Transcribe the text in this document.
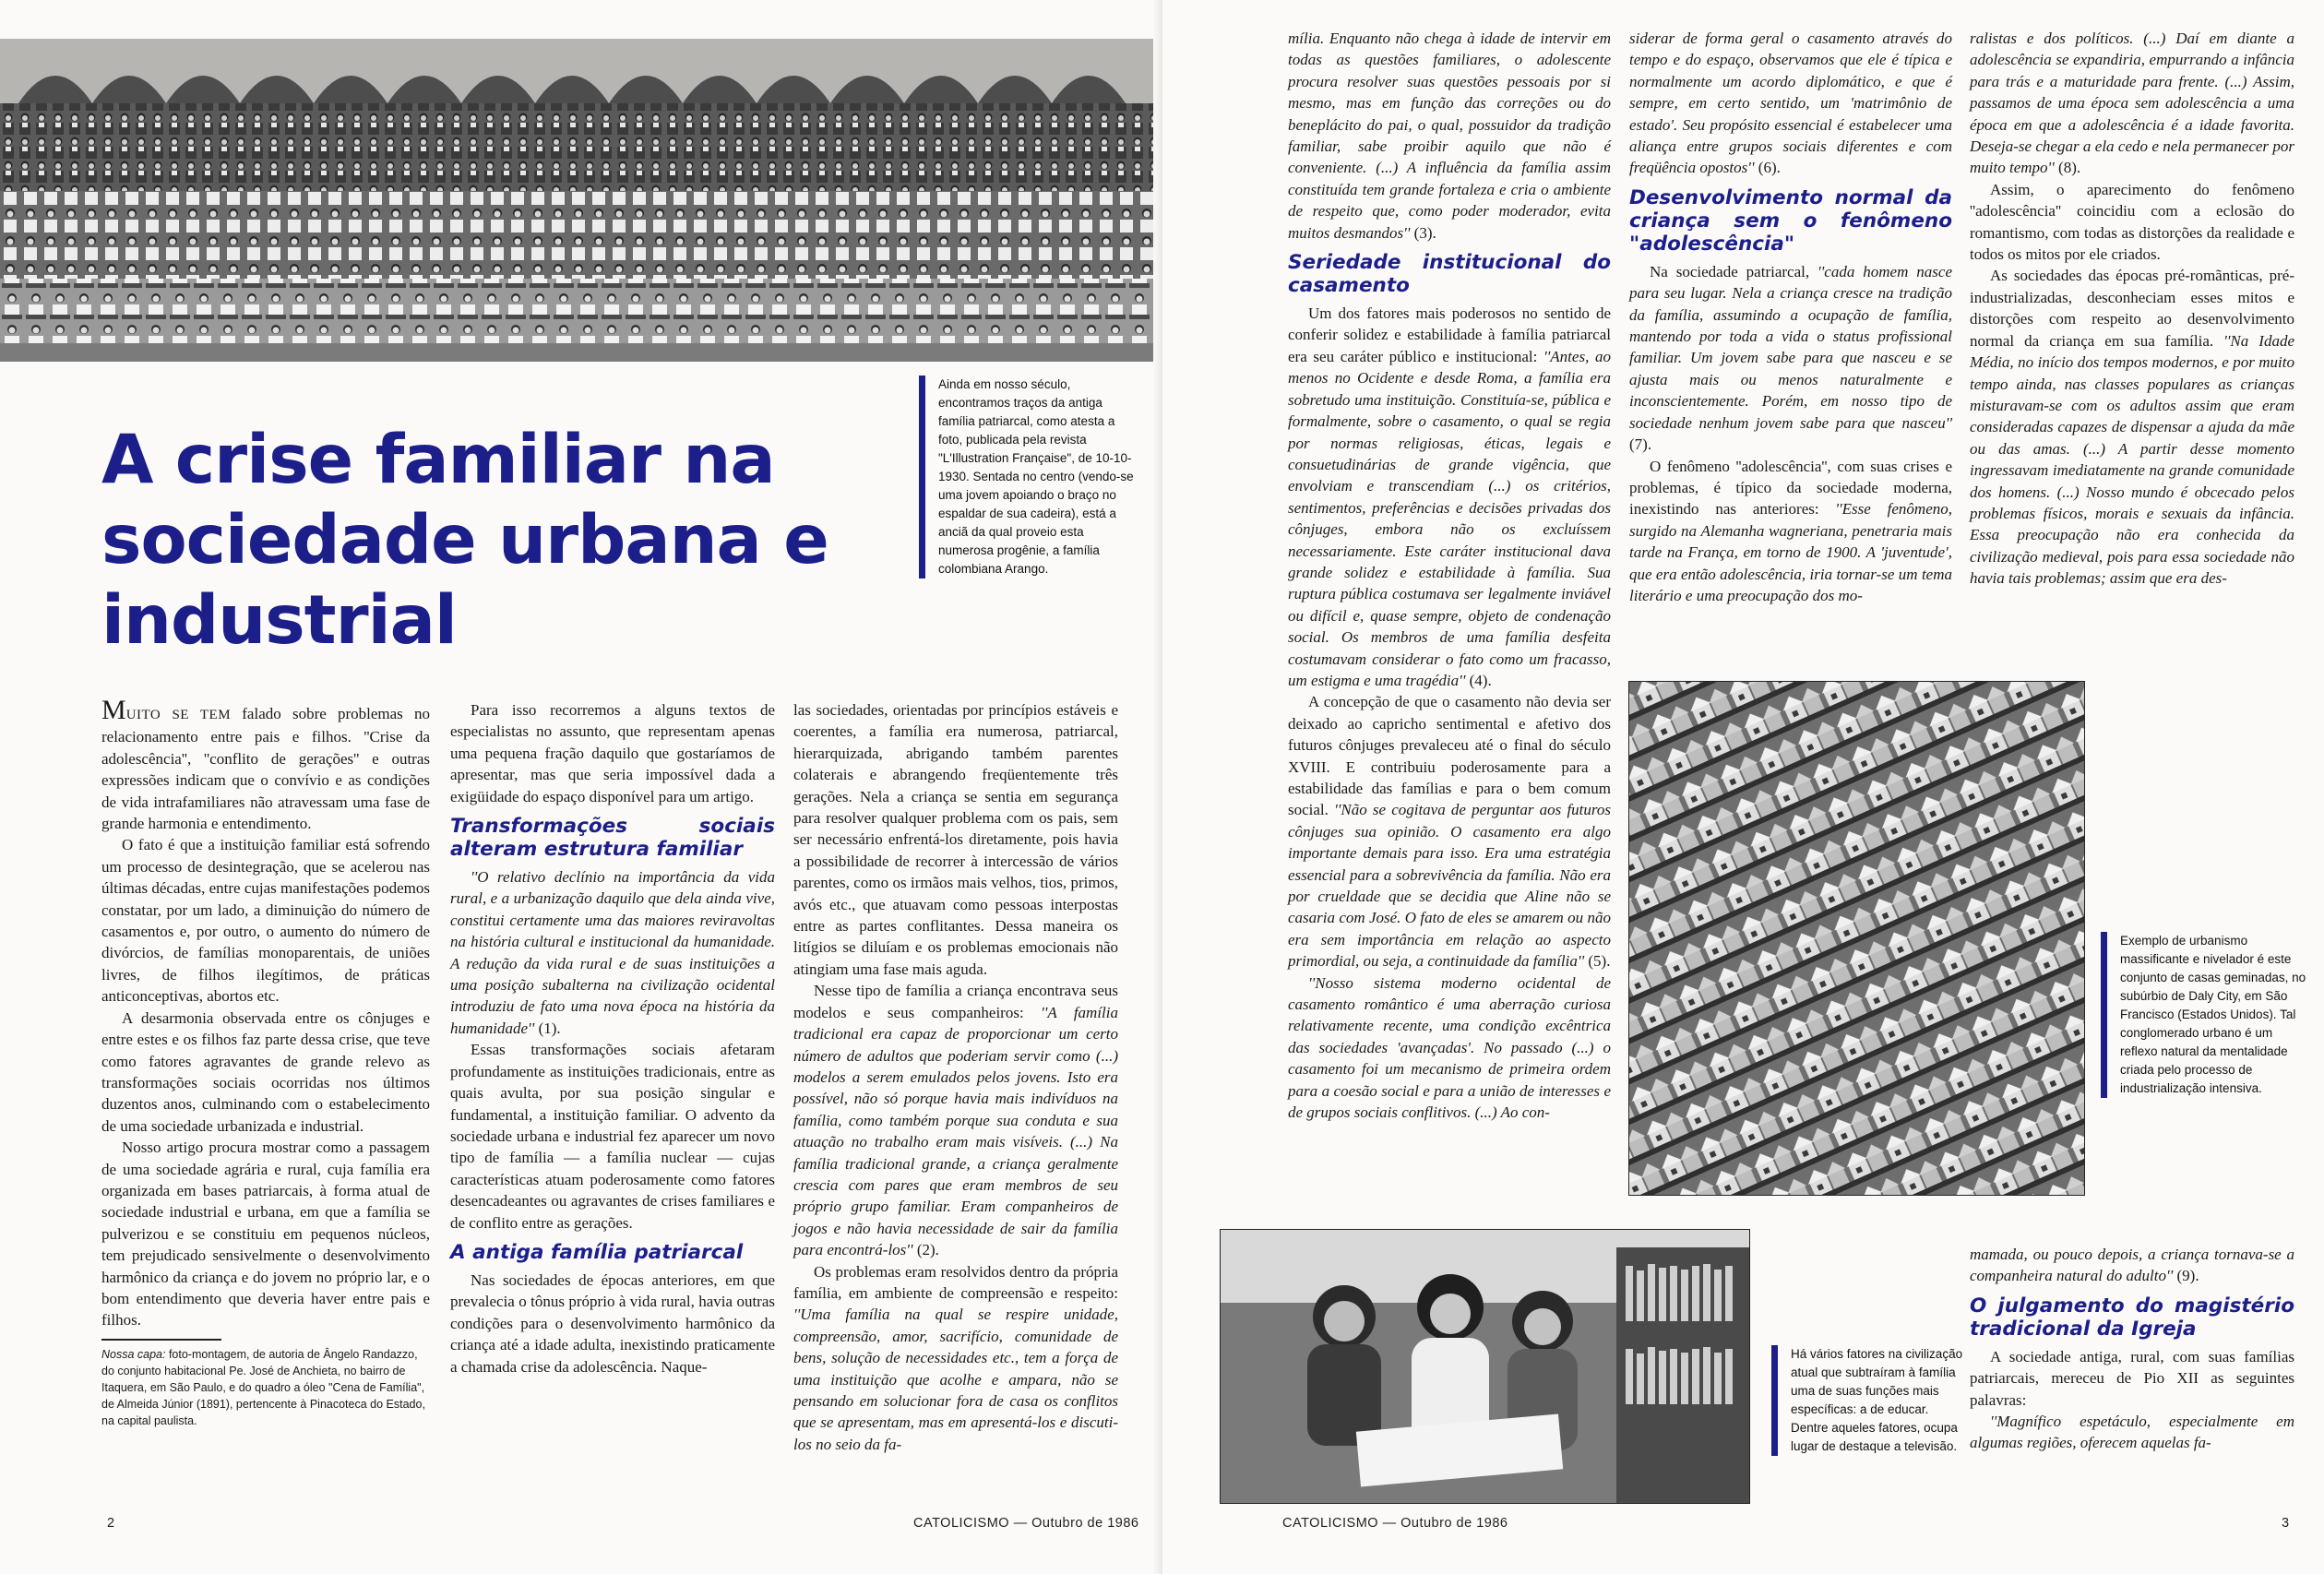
Ainda em nosso século, encontramos traços da antiga família patriarcal, como atesta a foto, publicada pela revista "L'Illustration Française", de 10-10-1930. Sentada no centro (vendo-se uma jovem apoiando o braço no espaldar de sua cadeira), está a anciã da qual proveio esta numerosa progênie, a família colombiana Arango.
A crise familiar na sociedade urbana e industrial

MUITO SE TEM falado sobre problemas no relacionamento entre pais e filhos. ''Crise da adolescência'', ''conflito de gerações'' e outras expressões indicam que o convívio e as condições de vida intrafamiliares não atravessam uma fase de grande harmonia e entendimento.

O fato é que a instituição familiar está sofrendo um processo de desintegração, que se acelerou nas últimas décadas, entre cujas manifestações podemos constatar, por um lado, a diminuição do número de casamentos e, por outro, o aumento do número de divórcios, de famílias monoparentais, de uniões livres, de filhos ilegítimos, de práticas anticonceptivas, abortos etc.

A desarmonia observada entre os cônjuges e entre estes e os filhos faz parte dessa crise, que teve como fatores agravantes de grande relevo as transformações sociais ocorridas nos últimos duzentos anos, culminando com o estabelecimento de uma sociedade urbanizada e industrial.

Nosso artigo procura mostrar como a passagem de uma sociedade agrária e rural, cuja família era organizada em bases patriarcais, à forma atual de sociedade industrial e urbana, em que a família se pulverizou e se constituiu em pequenos núcleos, tem prejudicado sensivelmente o desenvolvimento harmônico da criança e do jovem no próprio lar, e o bom entendimento que deveria haver entre pais e filhos.

Nossa capa: foto-montagem, de autoria de Ângelo Randazzo, do conjunto habitacional Pe. José de Anchieta, no bairro de Itaquera, em São Paulo, e do quadro a óleo "Cena de Família", de Almeida Júnior (1891), pertencente à Pinacoteca do Estado, na capital paulista.

Para isso recorremos a alguns textos de especialistas no assunto, que representam apenas uma pequena fração daquilo que gostaríamos de apresentar, mas que seria impossível dada a exigüidade do espaço disponível para um artigo.

Transformações sociais alteram estrutura familiar

''O relativo declínio na importância da vida rural, e a urbanização daquilo que dela ainda vive, constitui certamente uma das maiores reviravoltas na história cultural e institucional da humanidade. A redução da vida rural e de suas instituições a uma posição subalterna na civilização ocidental introduziu de fato uma nova época na história da humanidade'' (1).

Essas transformações sociais afetaram profundamente as instituições tradicionais, entre as quais avulta, por sua posição singular e fundamental, a instituição familiar. O advento da sociedade urbana e industrial fez aparecer um novo tipo de família — a família nuclear — cujas características atuam poderosamente como fatores desencadeantes ou agravantes de crises familiares e de conflito entre as gerações.

A antiga família patriarcal

Nas sociedades de épocas anteriores, em que prevalecia o tônus próprio à vida rural, havia outras condições para o desenvolvimento harmônico da criança até a idade adulta, inexistindo praticamente a chamada crise da adolescência. Naque-

las sociedades, orientadas por princípios estáveis e coerentes, a família era numerosa, patriarcal, hierarquizada, abrigando também parentes colaterais e abrangendo freqüentemente três gerações. Nela a criança se sentia em segurança para resolver qualquer problema com os pais, sem ser necessário enfrentá-los diretamente, pois havia a possibilidade de recorrer à intercessão de vários parentes, como os irmãos mais velhos, tios, primos, avós etc., que atuavam como pessoas interpostas entre as partes conflitantes. Dessa maneira os litígios se diluíam e os problemas emocionais não atingiam uma fase mais aguda.

Nesse tipo de família a criança encontrava seus modelos e seus companheiros: ''A família tradicional era capaz de proporcionar um certo número de adultos que poderiam servir como (...) modelos a serem emulados pelos jovens. Isto era possível, não só porque havia mais indivíduos na família, como também porque sua conduta e sua atuação no trabalho eram mais visíveis. (...) Na família tradicional grande, a criança geralmente crescia com pares que eram membros de seu próprio grupo familiar. Eram companheiros de jogos e não havia necessidade de sair da família para encontrá-los'' (2).

Os problemas eram resolvidos dentro da própria família, em ambiente de compreensão e respeito: ''Uma família na qual se respire unidade, compreensão, amor, sacrifício, comunidade de bens, solução de necessidades etc., tem a força de uma instituição que acolhe e ampara, não se pensando em solucionar fora de casa os conflitos que se apresentam, mas em apresentá-los e discuti-los no seio da fa-

2	CATOLICISMO — Outubro de 1986

mília. Enquanto não chega à idade de intervir em todas as questões familiares, o adolescente procura resolver suas questões pessoais por si mesmo, mas em função das correções ou do beneplácito do pai, o qual, possuidor da tradição familiar, sabe proibir aquilo que não é conveniente. (...) A influência da família assim constituída tem grande fortaleza e cria o ambiente de respeito que, como poder moderador, evita muitos desmandos'' (3).

Seriedade institucional do casamento

Um dos fatores mais poderosos no sentido de conferir solidez e estabilidade à família patriarcal era seu caráter público e institucional: ''Antes, ao menos no Ocidente e desde Roma, a família era sobretudo uma instituição. Constituía-se, pública e formalmente, sobre o casamento, o qual se regia por normas religiosas, éticas, legais e consuetudinárias de grande vigência, que envolviam e transcendiam (...) os critérios, sentimentos, preferências e decisões privadas dos cônjuges, embora não os excluíssem necessariamente. Este caráter institucional dava grande solidez e estabilidade à família. Sua ruptura pública costumava ser legalmente inviável ou difícil e, quase sempre, objeto de condenação social. Os membros de uma família desfeita costumavam considerar o fato como um fracasso, um estigma e uma tragédia'' (4).

A concepção de que o casamento não devia ser deixado ao capricho sentimental e afetivo dos futuros cônjuges prevaleceu até o final do século XVIII. E contribuiu poderosamente para a estabilidade das famílias e para o bem comum social. ''Não se cogitava de perguntar aos futuros cônjuges sua opinião. O casamento era algo importante demais para isso. Era uma estratégia essencial para a sobrevivência da família. Não era por crueldade que se decidia que Aline não se casaria com José. O fato de eles se amarem ou não era sem importância em relação ao aspecto primordial, ou seja, a continuidade da família'' (5).

''Nosso sistema moderno ocidental de casamento romântico é uma aberração curiosa relativamente recente, uma condição excêntrica das sociedades 'avançadas'. No passado (...) o casamento foi um mecanismo de primeira ordem para a coesão social e para a união de interesses e de grupos sociais conflitivos. (...) Ao con-

siderar de forma geral o casamento através do tempo e do espaço, observamos que ele é típica e normalmente um acordo diplomático, e que é sempre, em certo sentido, um 'matrimônio de estado'. Seu propósito essencial é estabelecer uma aliança entre grupos sociais diferentes e com freqüência opostos'' (6).

Desenvolvimento normal da criança sem o fenômeno "adolescência"

Na sociedade patriarcal, ''cada homem nasce para seu lugar. Nela a criança cresce na tradição da família, assumindo a ocupação de família, mantendo por toda a vida o status profissional familiar. Um jovem sabe para que nasceu e se ajusta mais ou menos naturalmente e inconscientemente. Porém, em nosso tipo de sociedade nenhum jovem sabe para que nasceu'' (7).

O fenômeno ''adolescência'', com suas crises e problemas, é típico da sociedade moderna, inexistindo nas anteriores: ''Esse fenômeno, surgido na Alemanha wagneriana, penetraria mais tarde na França, em torno de 1900. A 'juventude', que era então adolescência, iria tornar-se um tema literário e uma preocupação dos mo-

ralistas e dos políticos. (...) Daí em diante a adolescência se expandiria, empurrando a infância para trás e a maturidade para frente. (...) Assim, passamos de uma época sem adolescência a uma época em que a adolescência é a idade favorita. Deseja-se chegar a ela cedo e nela permanecer por muito tempo'' (8).

Assim, o aparecimento do fenômeno ''adolescência'' coincidiu com a eclosão do romantismo, com todas as distorções da realidade e todos os mitos por ele criados.

As sociedades das épocas pré-romãnticas, pré-industrializadas, desconheciam esses mitos e distorções com respeito ao desenvolvimento normal da criança em sua família. ''Na Idade Média, no início dos tempos modernos, e por muito tempo ainda, nas classes populares as crianças misturavam-se com os adultos assim que eram consideradas capazes de dispensar a ajuda da mãe ou das amas. (...) A partir desse momento ingressavam imediatamente na grande comunidade dos homens. (...) Nosso mundo é obcecado pelos problemas físicos, morais e sexuais da infância. Essa preocupação não era conhecida da civilização medieval, pois para essa sociedade não havia tais problemas; assim que era des-

Exemplo de urbanismo massificante e nivelador é este conjunto de casas geminadas, no subúrbio de Daly City, em São Francisco (Estados Unidos). Tal conglomerado urbano é um reflexo natural da mentalidade criada pelo processo de industrialização intensiva.
Há vários fatores na civilização atual que subtraíram à família uma de suas funções mais específicas: a de educar. Dentre aqueles fatores, ocupa lugar de destaque a televisão.

mamada, ou pouco depois, a criança tornava-se a companheira natural do adulto'' (9).

O julgamento do magistério tradicional da Igreja

A sociedade antiga, rural, com suas famílias patriarcais, mereceu de Pio XII as seguintes palavras:

''Magnífico espetáculo, especialmente em algumas regiões, oferecem aquelas fa-

CATOLICISMO — Outubro de 1986	3
